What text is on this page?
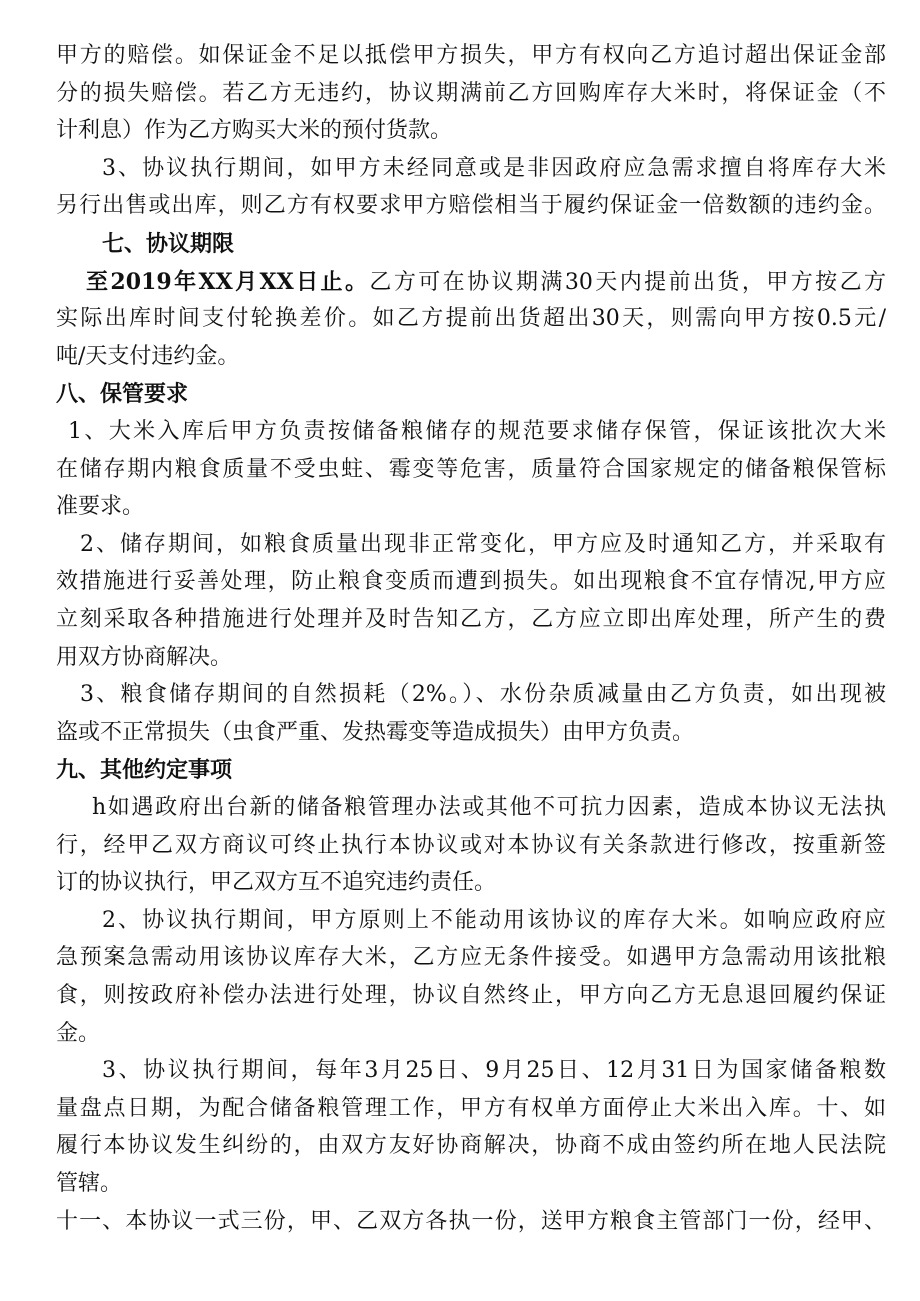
甲方的赔偿。如保证金不足以抵偿甲方损失，甲方有权向乙方追讨超出保证金部
分的损失赔偿。若乙方无违约，协议期满前乙方回购库存大米时，将保证金（不
计利息）作为乙方购买大米的预付货款。
3、协议执行期间，如甲方未经同意或是非因政府应急需求擅自将库存大米
另行出售或出库，则乙方有权要求甲方赔偿相当于履约保证金一倍数额的违约金。
七、协议期限
至2019年XX月XX日止。乙方可在协议期满30天内提前出货，甲方按乙方
实际出库时间支付轮换差价。如乙方提前出货超出30天，则需向甲方按0.5元/
吨/天支付违约金。
八、保管要求
1、大米入库后甲方负责按储备粮储存的规范要求储存保管，保证该批次大米
在储存期内粮食质量不受虫蛀、霉变等危害，质量符合国家规定的储备粮保管标
准要求。
2、储存期间，如粮食质量出现非正常变化，甲方应及时通知乙方，并采取有
效措施进行妥善处理，防止粮食变质而遭到损失。如出现粮食不宜存情况,甲方应
立刻采取各种措施进行处理并及时告知乙方，乙方应立即出库处理，所产生的费
用双方协商解决。
3、粮食储存期间的自然损耗（2%。）、水份杂质减量由乙方负责，如出现被
盗或不正常损失（虫食严重、发热霉变等造成损失）由甲方负责。
九、其他约定事项
h如遇政府出台新的储备粮管理办法或其他不可抗力因素，造成本协议无法执
行，经甲乙双方商议可终止执行本协议或对本协议有关条款进行修改，按重新签
订的协议执行，甲乙双方互不追究违约责任。
2、协议执行期间，甲方原则上不能动用该协议的库存大米。如响应政府应
急预案急需动用该协议库存大米，乙方应无条件接受。如遇甲方急需动用该批粮
食，则按政府补偿办法进行处理，协议自然终止，甲方向乙方无息退回履约保证
金。
3、协议执行期间，每年3月25日、9月25日、12月31日为国家储备粮数
量盘点日期，为配合储备粮管理工作，甲方有权单方面停止大米出入库。十、如
履行本协议发生纠纷的，由双方友好协商解决，协商不成由签约所在地人民法院
管辖。
十一、本协议一式三份，甲、乙双方各执一份，送甲方粮食主管部门一份，经甲、
